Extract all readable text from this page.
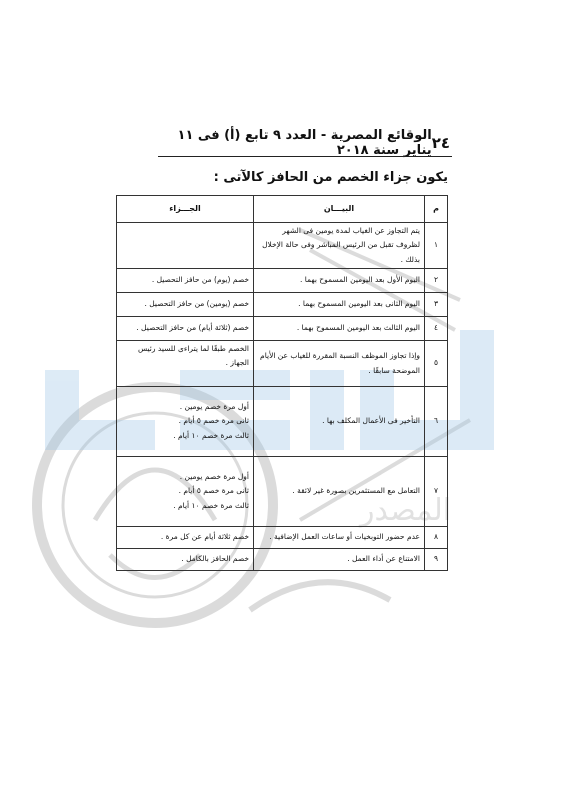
المصدر
٢٤
الوقائع المصرية - العدد ٩ تابع (أ) فى ١١ يناير سنة ٢٠١٨
يكون جزاء الخصم من الحافز كالآتى :
م	البيـــان	الجـــزاء
١	يتم التجاوز عن الغياب لمدة يومين فى الشهر لظروف تقبل من الرئيس المباشر وفى حالة الإخلال بذلك .	
٢	اليوم الأول بعد اليومين المسموح بهما .	خصم (يوم) من حافز التحصيل .

٣	اليوم الثانى بعد اليومين المسموح بهما .	خصم (يومين) من حافز التحصيل .

٤	اليوم الثالث بعد اليومين المسموح بهما .	خصم (ثلاثة أيام) من حافز التحصيل .

٥	وإذا تجاوز الموظف النسبة المقررة للغياب عن الأيام الموضحة سابقًا .	الخصم طبقًا لما يتراءى للسيد رئيس الجهاز .

٦	التأخير فى الأعمال المكلف بها .	أول مرة خصم يومين .
ثانى مرة خصم ٥ أيام .
ثالث مرة خصم ١٠ أيام .

٧	التعامل مع المستثمرين بصورة غير لائقة .	أول مرة خصم يومين .
ثانى مرة خصم ٥ أيام .
ثالث مرة خصم ١٠ أيام .

٨	عدم حضور التوبخيات أو ساعات العمل الإضافية .	خصم ثلاثة أيام عن كل مرة .

٩	الامتناع عن أداء العمل .	خصم الحافز بالكامل .
